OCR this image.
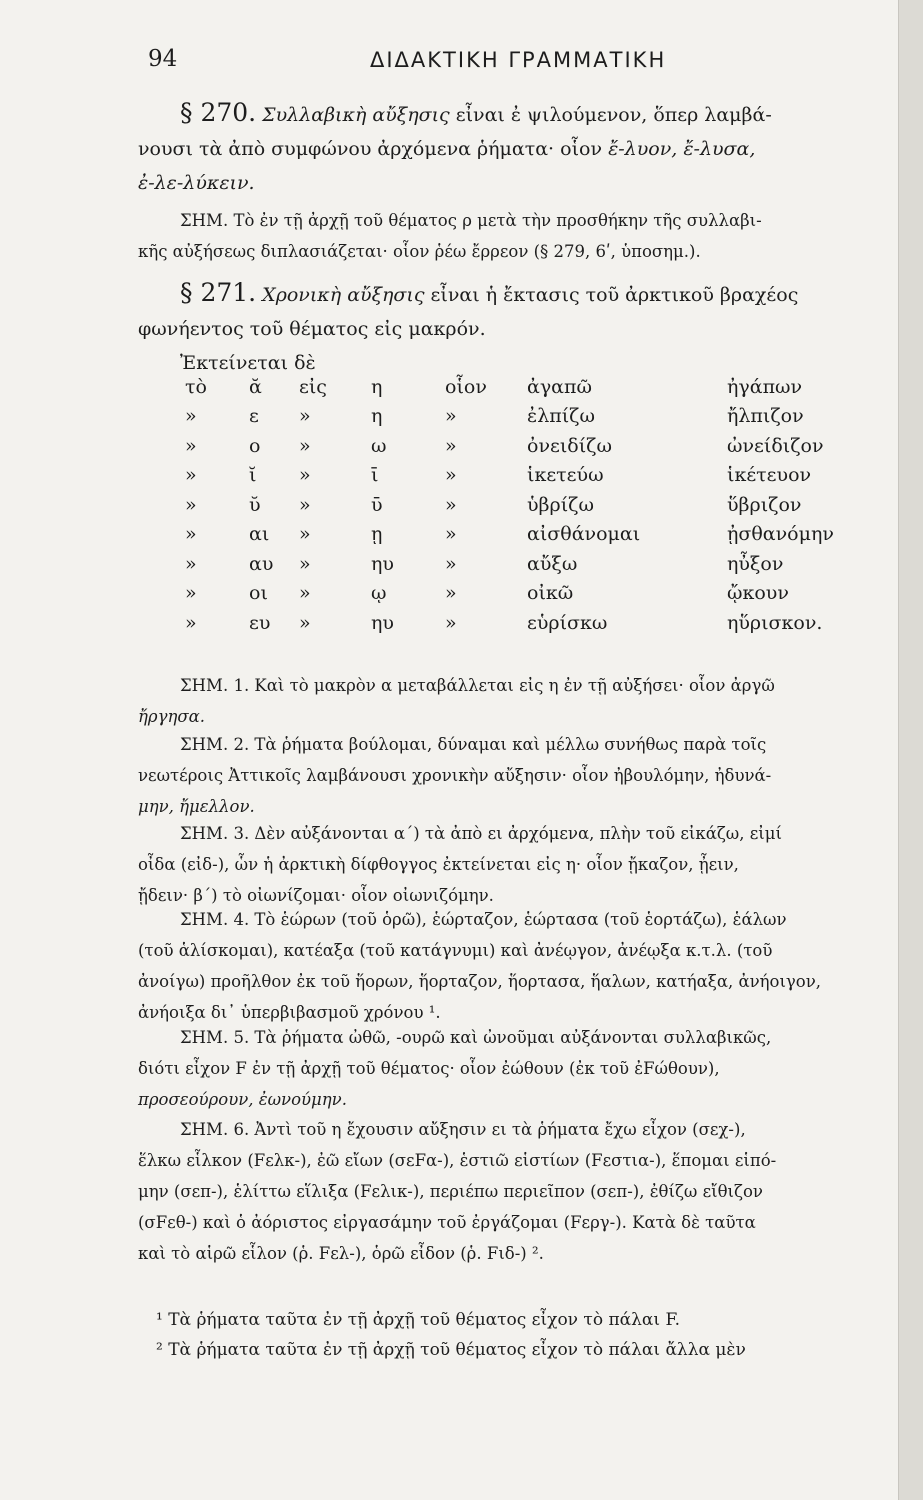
94	ΔΙΔΑΚΤΙΚΗ ΓΡΑΜΜΑΤΙΚΗ
§ 270. Συλλαβικὴ αὔξησις εἶναι ἐ ψιλούμενον, ὅπερ λαμβά-
νουσι τὰ ἀπὸ συμφώνου ἀρχόμενα ῥήματα· οἷον ἔ-λυον, ἔ-λυσα,
ἐ-λε-λύκειν.
ΣΗΜ. Τὸ ἐν τῇ ἀρχῇ τοῦ θέματος ρ μετὰ τὴν προσθήκην τῆς συλλαβι-
κῆς αὐξήσεως διπλασιάζεται· οἷον ῥέω ἔρρεον (§ 279, 6ʹ, ὑποσημ.).
§ 271. Χρονικὴ αὔξησις εἶναι ἡ ἔκτασις τοῦ ἀρκτικοῦ βραχέος
φωνήεντος τοῦ θέματος εἰς μακρόν.
Ἐκτείνεται δὲ
τὸ	ᾰ	εἰς	η	οἷον	ἀγαπῶ	ἠγάπων
»	ε	»	η	»	ἐλπίζω	ἤλπιζον
»	ο	»	ω	»	ὀνειδίζω	ὠνείδιζον
»	ῐ	»	ῑ	»	ἱκετεύω	ἱκέτευον
»	ῠ	»	ῡ	»	ὑβρίζω	ὕβριζον
»	αι	»	ῃ	»	αἰσθάνομαι	ᾐσθανόμην
»	αυ	»	ηυ	»	αὔξω	ηὖξον
»	οι	»	ῳ	»	οἰκῶ	ᾤκουν
»	ευ	»	ηυ	»	εὑρίσκω	ηὕρισκον.
ΣΗΜ. 1. Καὶ τὸ μακρὸν α μεταβάλλεται εἰς η ἐν τῇ αὐξήσει· οἷον ἀργῶ
ἤργησα.
ΣΗΜ. 2. Τὰ ῥήματα βούλομαι, δύναμαι καὶ μέλλω συνήθως παρὰ τοῖς
νεωτέροις Ἀττικοῖς λαμβάνουσι χρονικὴν αὔξησιν· οἷον ἠβουλόμην, ἠδυνά-
μην, ἤμελλον.
ΣΗΜ. 3. Δὲν αὐξάνονται α΄) τὰ ἀπὸ ει ἀρχόμενα, πλὴν τοῦ εἰκάζω, εἰμί
οἶδα (εἰδ-), ὧν ἡ ἀρκτικὴ δίφθογγος ἐκτείνεται εἰς η· οἷον ᾔκαζον, ᾖειν,
ᾔδειν· β΄) τὸ οἰωνίζομαι· οἷον οἰωνιζόμην.
ΣΗΜ. 4. Τὸ ἑώρων (τοῦ ὁρῶ), ἑώρταζον, ἑώρτασα (τοῦ ἑορτάζω), ἑάλων
(τοῦ ἁλίσκομαι), κατέαξα (τοῦ κατάγνυμι) καὶ ἀνέῳγον, ἀνέῳξα κ.τ.λ. (τοῦ
ἀνοίγω) προῆλθον ἐκ τοῦ ἥορων, ἥορταζον, ἥορτασα, ἥαλων, κατήαξα, ἀνήοιγον,
ἀνήοιξα δι᾽ ὑπερβιβασμοῦ χρόνου ¹.
ΣΗΜ. 5. Τὰ ῥήματα ὠθῶ, -ουρῶ καὶ ὠνοῦμαι αὐξάνονται συλλαβικῶς,
διότι εἶχον F ἐν τῇ ἀρχῇ τοῦ θέματος· οἷον ἐώθουν (ἐκ τοῦ ἐFώθουν),
προσεούρουν, ἐωνούμην.
ΣΗΜ. 6. Ἀντὶ τοῦ η ἔχουσιν αὔξησιν ει τὰ ῥήματα ἔχω εἶχον (σεχ-),
ἕλκω εἷλκον (Fελκ-), ἐῶ εἴων (σεFα-), ἑστιῶ εἱστίων (Fεστια-), ἕπομαι εἱπό-
μην (σεπ-), ἑλίττω εἵλιξα (Fελικ-), περιέπω περιεῖπον (σεπ-), ἐθίζω εἴθιζον
(σFεθ-) καὶ ὁ ἀόριστος εἰργασάμην τοῦ ἐργάζομαι (Fεργ-). Κατὰ δὲ ταῦτα
καὶ τὸ αἱρῶ εἷλον (ῥ. Fελ-), ὁρῶ εἶδον (ῥ. Fιδ-) ².
¹ Τὰ ῥήματα ταῦτα ἐν τῇ ἀρχῇ τοῦ θέματος εἶχον τὸ πάλαι F.
² Τὰ ῥήματα ταῦτα ἐν τῇ ἀρχῇ τοῦ θέματος εἶχον τὸ πάλαι ἄλλα μὲν
